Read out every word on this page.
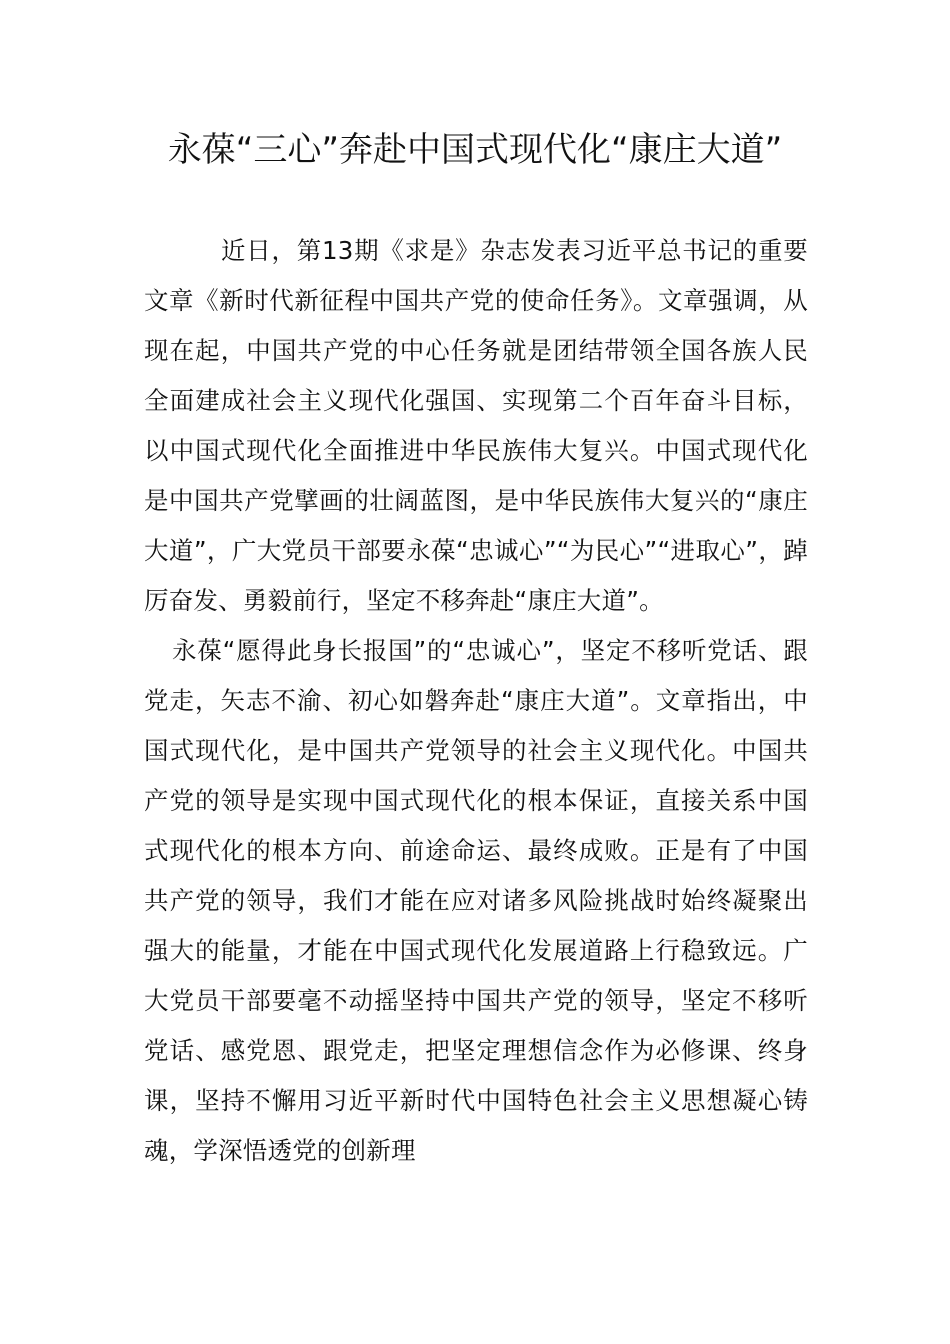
永葆“三心”奔赴中国式现代化“康庄大道”

近日，第13期《求是》杂志发表习近平总书记的重要文章《新时代新征程中国共产党的使命任务》。文章强调，从现在起，中国共产党的中心任务就是团结带领全国各族人民全面建成社会主义现代化强国、实现第二个百年奋斗目标，以中国式现代化全面推进中华民族伟大复兴。中国式现代化是中国共产党擘画的壮阔蓝图，是中华民族伟大复兴的“康庄大道”，广大党员干部要永葆“忠诚心”“为民心”“进取心”，踔厉奋发、勇毅前行，坚定不移奔赴“康庄大道”。

永葆“愿得此身长报国”的“忠诚心”，坚定不移听党话、跟党走，矢志不渝、初心如磐奔赴“康庄大道”。文章指出，中国式现代化，是中国共产党领导的社会主义现代化。中国共产党的领导是实现中国式现代化的根本保证，直接关系中国式现代化的根本方向、前途命运、最终成败。正是有了中国共产党的领导，我们才能在应对诸多风险挑战时始终凝聚出强大的能量，才能在中国式现代化发展道路上行稳致远。广大党员干部要毫不动摇坚持中国共产党的领导，坚定不移听党话、感党恩、跟党走，把坚定理想信念作为必修课、终身课，坚持不懈用习近平新时代中国特色社会主义思想凝心铸魂，学深悟透党的创新理
